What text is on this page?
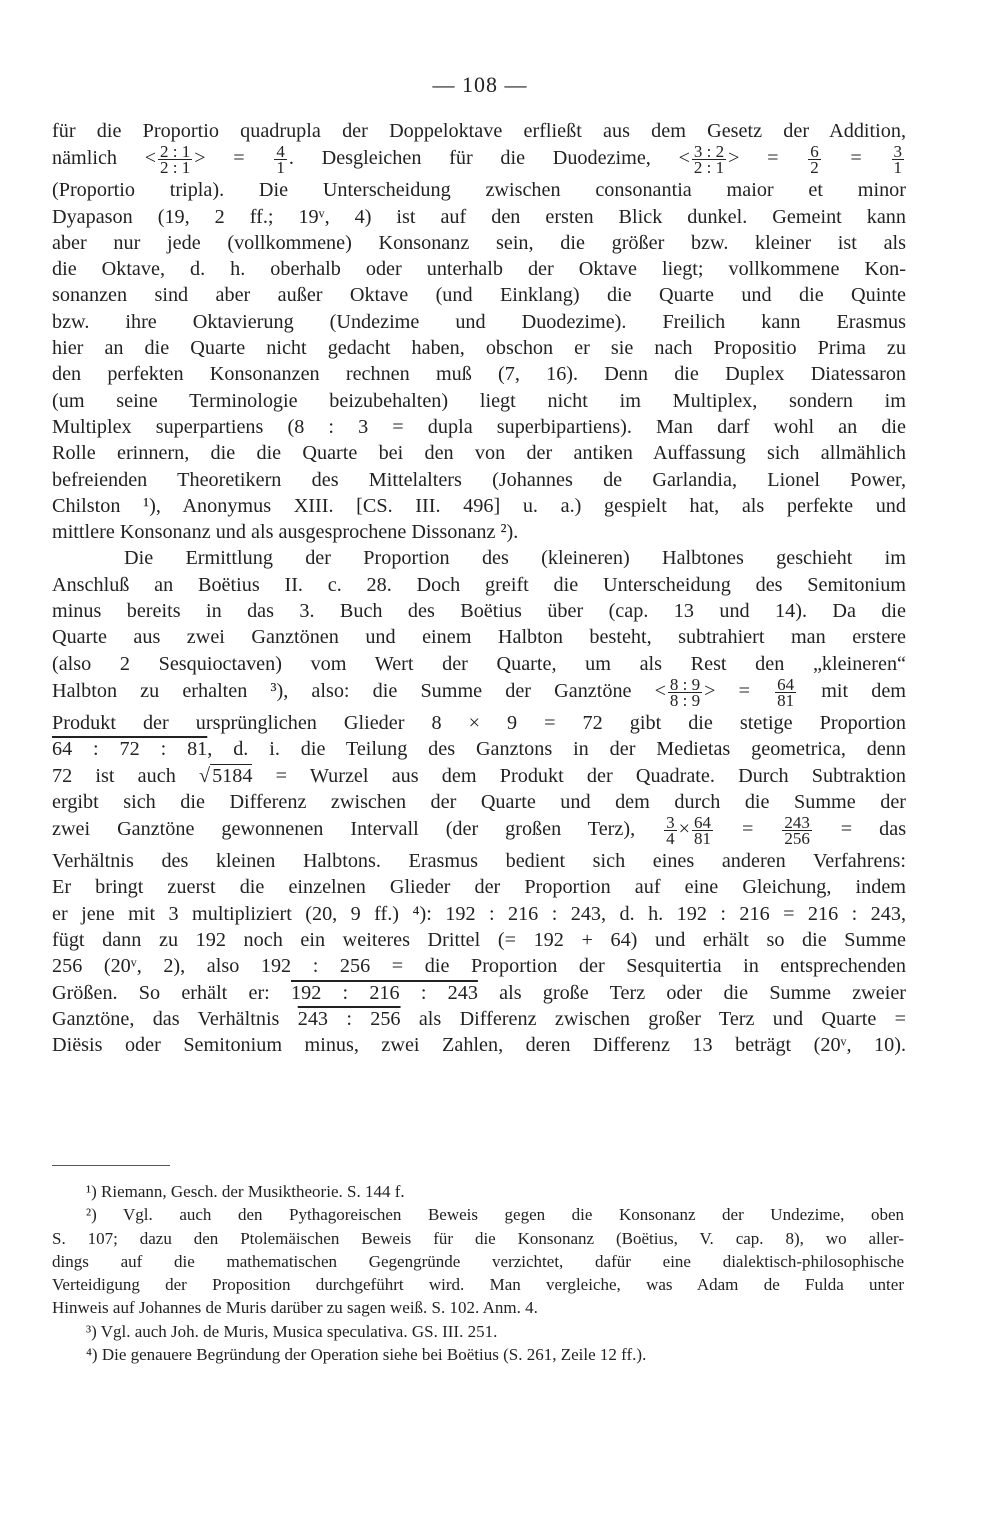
— 108 —
für die Proportio quadrupla der Doppeloktave erfließt aus dem Gesetz der Addition,
nämlich < $\frac{2 : 1}{2 : 1}$ > = $\frac{4}{1}$ . Desgleichen für die Duodezime, < $\frac{3 : 2}{2 : 1}$ > = $\frac{6}{2} = \frac{3}{1}$
(Proportio tripla). Die Unterscheidung zwischen consonantia maior et minor
Dyapason (19, 2 ff.; 19ᵛ, 4) ist auf den ersten Blick dunkel. Gemeint kann
aber nur jede (vollkommene) Konsonanz sein, die größer bzw. kleiner ist als
die Oktave, d. h. oberhalb oder unterhalb der Oktave liegt; vollkommene Kon-
sonanzen sind aber außer Oktave (und Einklang) die Quarte und die Quinte
bzw. ihre Oktavierung (Undezime und Duodezime). Freilich kann Erasmus
hier an die Quarte nicht gedacht haben, obschon er sie nach Propositio Prima zu
den perfekten Konsonanzen rechnen muß (7, 16). Denn die Duplex Diatessaron
(um seine Terminologie beizubehalten) liegt nicht im Multiplex, sondern im
Multiplex superpartiens (8 : 3 = dupla superbipartiens). Man darf wohl an die
Rolle erinnern, die die Quarte bei den von der antiken Auffassung sich allmählich
befreienden Theoretikern des Mittelalters (Johannes de Garlandia, Lionel Power,
Chilston ¹), Anonymus XIII. [CS. III. 496] u. a.) gespielt hat, als perfekte und
mittlere Konsonanz und als ausgesprochene Dissonanz ²).
Die Ermittlung der Proportion des (kleineren) Halbtones geschieht im
Anschluß an Boëtius II. c. 28. Doch greift die Unterscheidung des Semitonium
minus bereits in das 3. Buch des Boëtius über (cap. 13 und 14). Da die
Quarte aus zwei Ganztönen und einem Halbton besteht, subtrahiert man erstere
(also 2 Sesquioctaven) vom Wert der Quarte, um als Rest den „kleineren“
Halbton zu erhalten ³), also: die Summe der Ganztöne < $\frac{8 : 9}{8 : 9}$ > = $\frac{64}{81}$ mit dem
Produkt der ursprünglichen Glieder 8 × 9 = 72 gibt die stetige Proportion
64 : 72 : 81, d. i. die Teilung des Ganztons in der Medietas geometrica, denn
72 ist auch √5184 = Wurzel aus dem Produkt der Quadrate. Durch Subtraktion
ergibt sich die Differenz zwischen der Quarte und dem durch die Summe der
zwei Ganztöne gewonnenen Intervall (der großen Terz), $\frac{3}{4} \times \frac{64}{81} = \frac{243}{256}$ = das
Verhältnis des kleinen Halbtons. Erasmus bedient sich eines anderen Verfahrens:
Er bringt zuerst die einzelnen Glieder der Proportion auf eine Gleichung, indem
er jene mit 3 multipliziert (20, 9 ff.) ⁴): 192 : 216 : 243, d. h. 192 : 216 = 216 : 243,
fügt dann zu 192 noch ein weiteres Drittel (= 192 + 64) und erhält so die Summe
256 (20ᵛ, 2), also 192 : 256 = die Proportion der Sesquitertia in entsprechenden
Größen. So erhält er: 192 : 216 : 243 als große Terz oder die Summe zweier
Ganztöne, das Verhältnis 243 : 256 als Differenz zwischen großer Terz und Quarte =
Diësis oder Semitonium minus, zwei Zahlen, deren Differenz 13 beträgt (20ᵛ, 10).
¹) Riemann, Gesch. der Musiktheorie. S. 144 f.
²) Vgl. auch den Pythagoreischen Beweis gegen die Konsonanz der Undezime, oben
S. 107; dazu den Ptolemäischen Beweis für die Konsonanz (Boëtius, V. cap. 8), wo aller-
dings auf die mathematischen Gegengründe verzichtet, dafür eine dialektisch-philosophische
Verteidigung der Proposition durchgeführt wird. Man vergleiche, was Adam de Fulda unter
Hinweis auf Johannes de Muris darüber zu sagen weiß. S. 102. Anm. 4.
³) Vgl. auch Joh. de Muris, Musica speculativa. GS. III. 251.
⁴) Die genauere Begründung der Operation siehe bei Boëtius (S. 261, Zeile 12 ff.).
